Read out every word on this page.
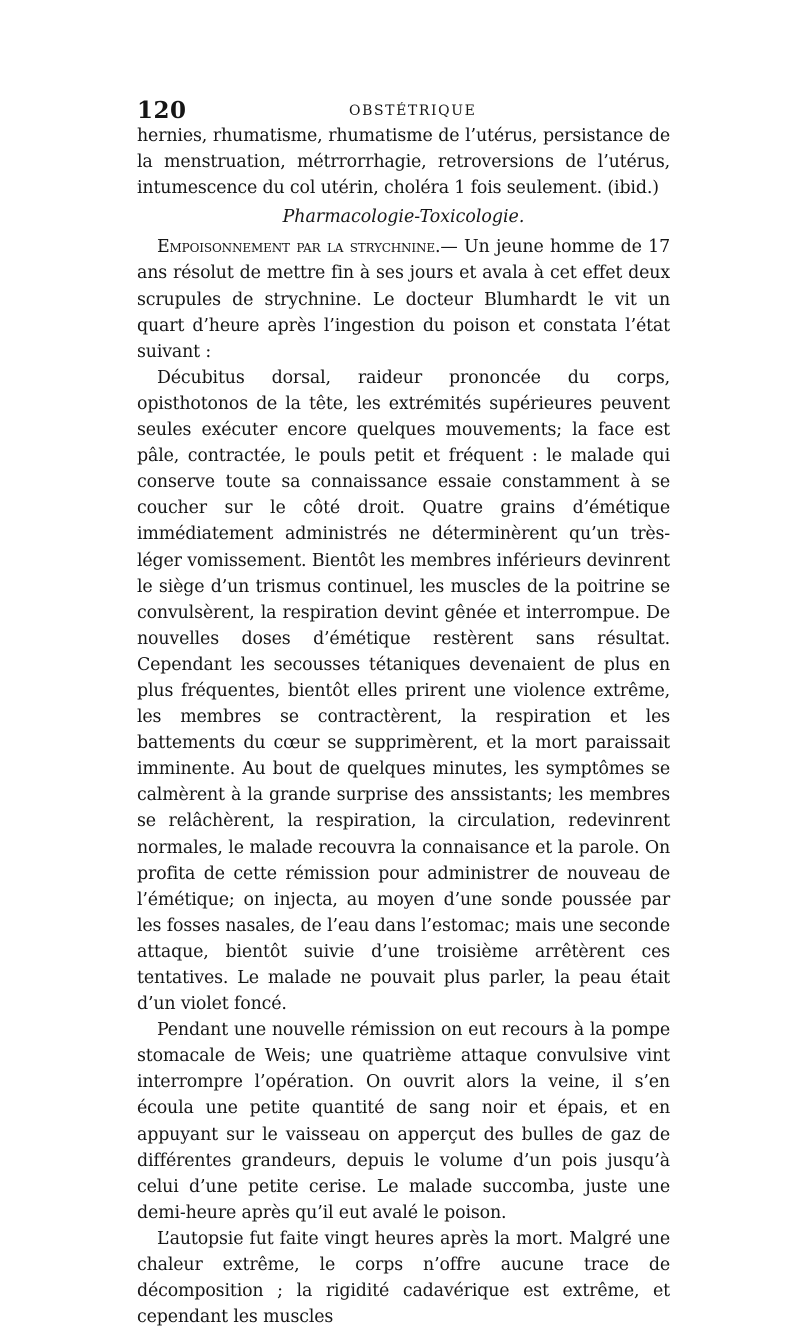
120	OBSTÉTRIQUE

hernies, rhumatisme, rhumatisme de l’utérus, persistance de la menstruation, métrrorrhagie, retroversions de l’utérus, intumescence du col utérin, choléra 1 fois seulement. (ibid.)

Pharmacologie-Toxicologie.

Empoisonnement par la strychnine.— Un jeune homme de 17 ans résolut de mettre fin à ses jours et avala à cet effet deux scrupules de strychnine. Le docteur Blumhardt le vit un quart d’heure après l’ingestion du poison et constata l’état suivant :

Décubitus dorsal, raideur prononcée du corps, opisthotonos de la tête, les extrémités supérieures peuvent seules exécuter encore quelques mouvements; la face est pâle, contractée, le pouls petit et fréquent : le malade qui conserve toute sa connaissance essaie constamment à se coucher sur le côté droit. Quatre grains d’émétique immédiatement administrés ne déterminèrent qu’un très-léger vomissement. Bientôt les membres inférieurs devinrent le siège d’un trismus continuel, les muscles de la poitrine se convulsèrent, la respiration devint gênée et interrompue. De nouvelles doses d’émétique restèrent sans résultat. Cependant les secousses tétaniques devenaient de plus en plus fréquentes, bientôt elles prirent une violence extrême, les membres se contractèrent, la respiration et les battements du cœur se supprimèrent, et la mort paraissait imminente. Au bout de quelques minutes, les symptômes se calmèrent à la grande surprise des anssistants; les membres se relâchèrent, la respiration, la circulation, redevinrent normales, le malade recouvra la connaisance et la parole. On profita de cette rémission pour administrer de nouveau de l’émétique; on injecta, au moyen d’une sonde poussée par les fosses nasales, de l’eau dans l’estomac; mais une seconde attaque, bientôt suivie d’une troisième arrêtèrent ces tentatives. Le malade ne pouvait plus parler, la peau était d’un violet foncé.

Pendant une nouvelle rémission on eut recours à la pompe stomacale de Weis; une quatrième attaque convulsive vint interrompre l’opération. On ouvrit alors la veine, il s’en écoula une petite quantité de sang noir et épais, et en appuyant sur le vaisseau on apperçut des bulles de gaz de différentes grandeurs, depuis le volume d’un pois jusqu’à celui d’une petite cerise. Le malade succomba, juste une demi-heure après qu’il eut avalé le poison.

L’autopsie fut faite vingt heures après la mort. Malgré une chaleur extrême, le corps n’offre aucune trace de décomposition ; la rigidité cadavérique est extrême, et cependant les muscles
